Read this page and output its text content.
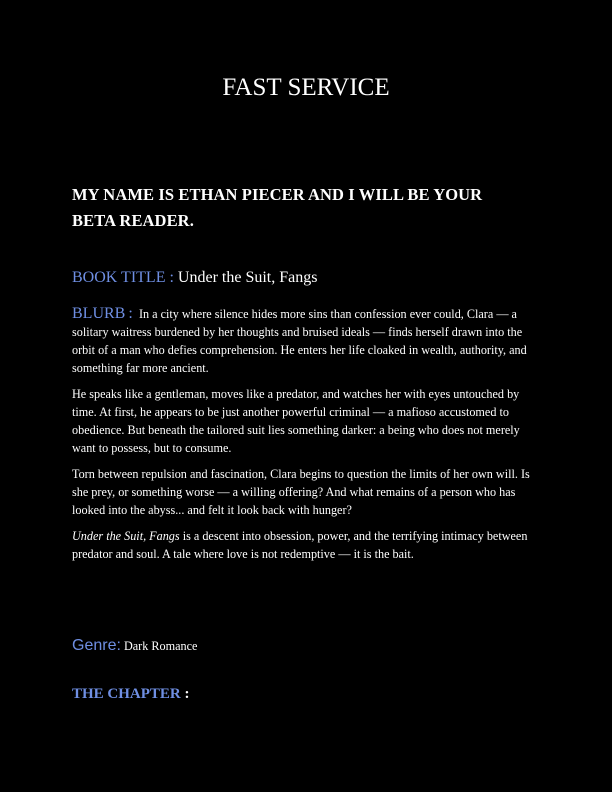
FAST SERVICE
MY NAME IS ETHAN PIECER AND I WILL BE YOUR
BETA READER.
BOOK TITLE : Under the Suit, Fangs

BLURB : In a city where silence hides more sins than confession ever could, Clara — a solitary waitress burdened by her thoughts and bruised ideals — finds herself drawn into the orbit of a man who defies comprehension. He enters her life cloaked in wealth, authority, and something far more ancient.

He speaks like a gentleman, moves like a predator, and watches her with eyes untouched by time. At first, he appears to be just another powerful criminal — a mafioso accustomed to obedience. But beneath the tailored suit lies something darker: a being who does not merely want to possess, but to consume.

Torn between repulsion and fascination, Clara begins to question the limits of her own will. Is she prey, or something worse — a willing offering? And what remains of a person who has looked into the abyss... and felt it look back with hunger?

Under the Suit, Fangs is a descent into obsession, power, and the terrifying intimacy between predator and soul. A tale where love is not redemptive — it is the bait.

Genre: Dark Romance
THE CHAPTER :
